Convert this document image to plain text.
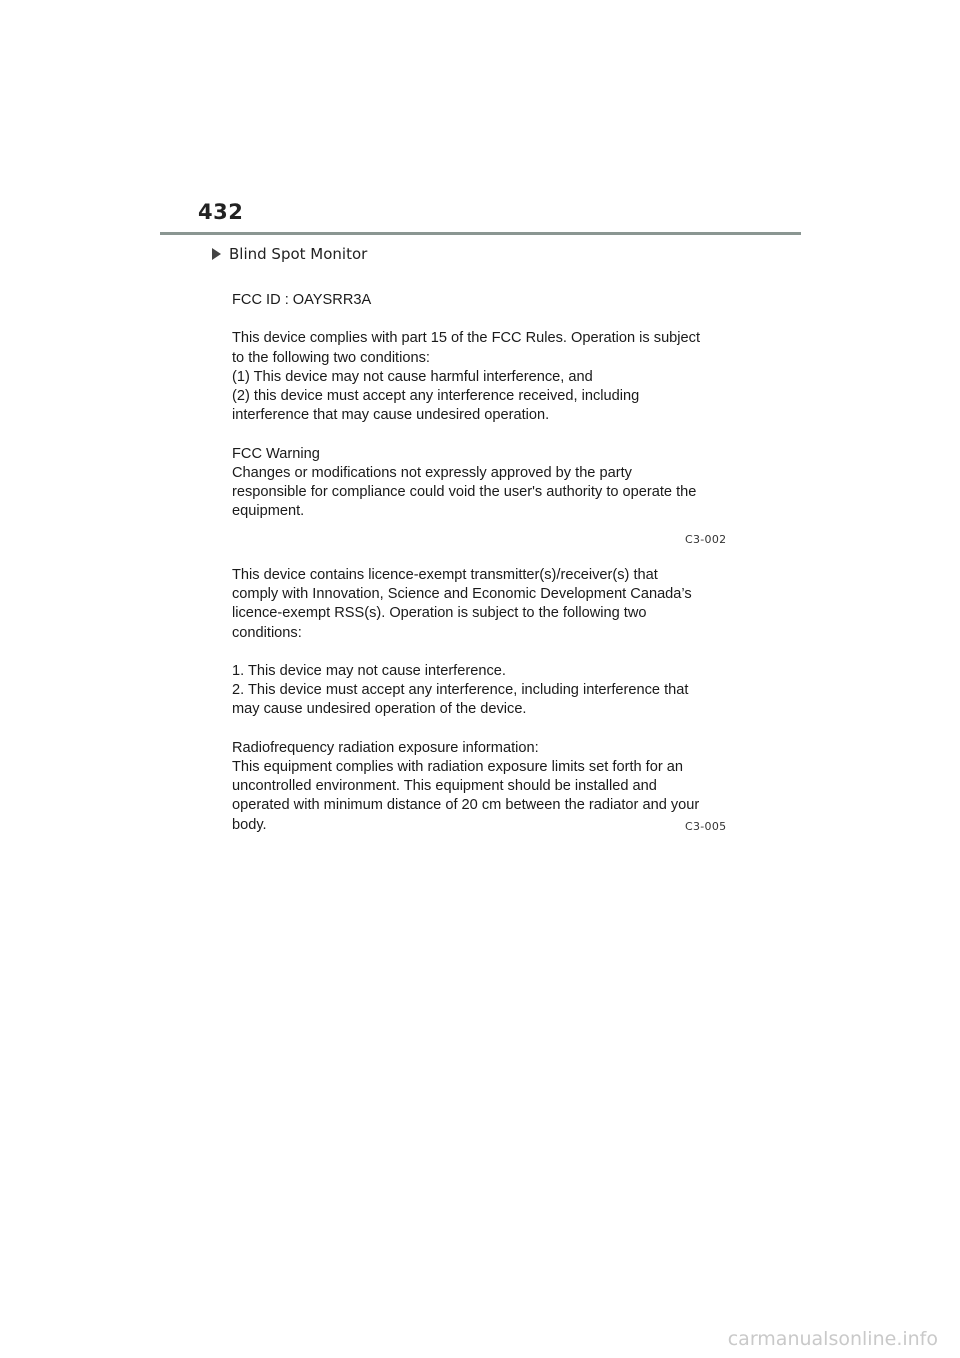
432
Blind Spot Monitor

FCC ID : OAYSRR3A

This device complies with part 15 of the FCC Rules. Operation is subject

to the following two conditions:

(1) This device may not cause harmful interference, and

(2) this device must accept any interference received, including

interference that may cause undesired operation.

FCC Warning

Changes or modifications not expressly approved by the party

responsible for compliance could void the user's authority to operate the

equipment.

C3-002

This device contains licence-exempt transmitter(s)/receiver(s) that

comply with Innovation, Science and Economic Development Canada’s

licence-exempt RSS(s). Operation is subject to the following two

conditions:

1. This device may not cause interference.

2. This device must accept any interference, including interference that

may cause undesired operation of the device.

Radiofrequency radiation exposure information:

This equipment complies with radiation exposure limits set forth for an

uncontrolled environment. This equipment should be installed and

operated with minimum distance of 20 cm between the radiator and your

body.	C3-005
carmanualsonline.info
